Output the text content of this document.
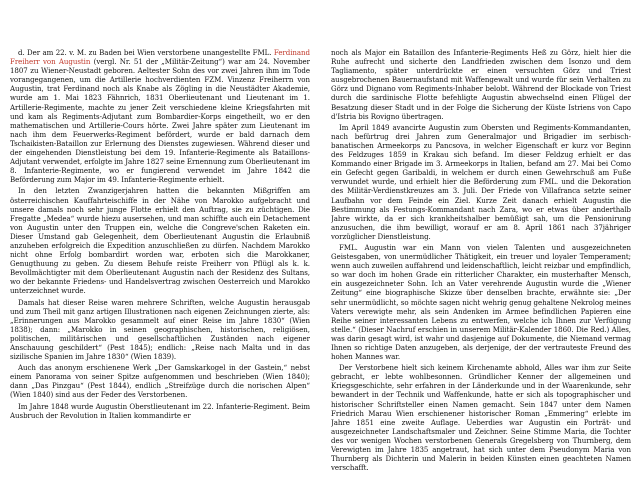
d. Der am 22. v. M. zu Baden bei Wien verstorbene unangestellte FML. Ferdinand Freiherr von Augustin (vergl. Nr. 51 der „Militär-Zeitung“) war am 24. November 1807 zu Wiener-Neustadt geboren. Aeltester Sohn des vor zwei Jahren ihm im Tode vorangegangenen, um die Artillerie hochverdienten FZM. Vinzenz Freiherrn von Augustin, trat Ferdinand noch als Knabe als Zögling in die Neustädter Akademie, wurde am 1. Mai 1823 Fähnrich, 1831 Oberlieutenant und Lieutenant im 1. Artillerie-Regimente, machte zu jener Zeit verschiedene kleine Kriegsfahrten mit und kam als Regiments-Adjutant zum Bombardier-Korps eingetheilt, wo er den mathematischen und Artillerie-Cours hörte. Zwei Jahre später zum Lieutenant im nach ihm dem Feuerwerks-Regiment befördert, wurde er bald darnach dem Tschaikisten-Bataillon zur Erlernung des Dienstes zugewiesen. Während dieser und der eingehenden Dienstleistung bei dem 19. Infanterie-Regimente als Bataillons-Adjutant verwendet, erfolgte im Jahre 1827 seine Ernennung zum Oberlieutenant im 8. Infanterie-Regimente, wo er fungierend verwendet im Jahre 1842 die Beförderung zum Major im 49. Infanterie-Regimente erhielt.

In den letzten Zwanzigerjahren hatten die bekannten Mißgriffen am österreichischen Kauffahrteischiffe in der Nähe von Marokko aufgebracht und unsere damals noch sehr junge Flotte erhielt den Auftrag, sie zu züchtigen. Die Fregatte „Medea“ wurde hiezu ausersehen, und man schiffte auch ein Detachement von Augustin unter den Truppen ein, welche die Congreve'schen Raketen ein. Dieser Umstand gab Gelegenheit, dem Oberlieutenant Augustin die Erlaubniß anzuheben erfolgreich die Expedition anzuschließen zu dürfen. Nachdem Marokko nicht ohne Erfolg bombardirt worden war, erboten sich die Marokkaner, Genugthuung zu geben. Zu diesem Behufe reiste Freiherr von Pflügl als k. k. Bevollmächtigter mit dem Oberlieutenant Augustin nach der Residenz des Sultans, wo der bekannte Friedens- und Handelsvertrag zwischen Oesterreich und Marokko unterzeichnet wurde.

Damals hat dieser Reise waren mehrere Schriften, welche Augustin herausgab und zum Theil mit ganz artigen Illustrationen nach eigenen Zeichnungen zierte, als: „Erinnerungen aus Marokko gesammelt auf einer Reise im Jahre 1830“ (Wien 1838); dann: „Marokko in seinen geographischen, historischen, religiösen, politischen, militärischen und gesellschaftlichen Zuständen nach eigener Anschauung geschildert“ (Pest 1845); endlich: „Reise nach Malta und in das sizilische Spanien im Jahre 1830“ (Wien 1839).

Auch das anonym erschienene Werk „Der Gamskarkogel in der Gastein,“ nebst einem Panorama von seiner Spitze aufgenommen und beschrieben (Wien 1840); dann „Das Pinzgau“ (Pest 1844), endlich „Streifzüge durch die norischen Alpen“ (Wien 1840) sind aus der Feder des Verstorbenen.

Im Jahre 1848 wurde Augustin Oberstlieutenant im 22. Infanterie-Regiment. Beim Ausbruch der Revolution in Italien kommandirte er

noch als Major ein Bataillon des Infanterie-Regiments Heß zu Görz, hielt hier die Ruhe aufrecht und sicherte den Landfrieden zwischen dem Isonzo und dem Tagliamento, später unterdrückte er einen versuchten Görz und Triest ausgebrochenen Bauernaufstand mit Waffengewalt und wurde für sein Verhalten zu Görz und Dignano vom Regiments-Inhaber belobt. Während der Blockade von Triest durch die sardinische Flotte befehligte Augustin abwechselnd einen Flügel der Besatzung dieser Stadt und in der Folge die Sicherung der Küste Istriens von Capo d'Istria bis Rovigno übertragen.

Im April 1849 avancirte Augustin zum Obersten und Regiments-Kommandanten, nach befürtrug drei Jahren zum Generalmajor und Brigadier im serbisch-banatischen Armeekorps zu Pancsova, in welcher Eigenschaft er kurz vor Beginn des Feldzuges 1859 in Krakau sich befand. Im dieser Feldzug erhielt er das Kommando einer Brigade im 3. Armeekorps in Italien, befand am 27. Mai bei Como ein Gefecht gegen Garibaldi, in welchem er durch einen Gewehrschuß am Fuße verwundet wurde, und erhielt hier die Beförderung zum FML. und die Dekoration des Militär-Verdienstkreuzes am 3. Juli. Der Friede von Villafranca setzte seiner Laufbahn vor dem Feinde ein Ziel. Kurze Zeit danach erhielt Augustin die Bestimmung als Festungs-Kommandant nach Zara, wo er etwas über anderthalb Jahre wirkte, da er sich krankheitshalber bemüßigt sah, um die Pensionirung anzusuchen, die ihm bewilligt, worauf er am 8. April 1861 nach 37jähriger vorzüglicher Dienstleistung.

FML. Augustin war ein Mann von vielen Talenten und ausgezeichneten Geistesgaben, von unermüdlicher Thätigkeit, ein treuer und loyaler Temperament; wenn auch zuweilen auffahrend und leidenschaftlich, leicht reizbar und empfindlich, so war doch im hohen Grade ein ritterlicher Charakter, ein musterhafter Mensch, ein ausgezeichneter Sohn. Ich an Vater verehrende Augustin wurde die „Wiener Zeitung“ eine biographische Skizze über denselben brachte, erwähnte sie: „Der sehr unermüdlicht, so möchte sagen nicht wehrig genug gehaltene Nekrolog meines Vaters verewigte mehr, als sein Andenken im Armee befindlichen Papieren eine Reihe seiner interessanten Lebens zu entwerfen, welche ich Ihnen zur Verfügung stelle.“ (Dieser Nachruf erschien in unserem Militär-Kalender 1860. Die Red.) Alles, was darin gesagt wird, ist wahr und dasjenige auf Dokumente, die Niemand vermag Ihnen so richtige Daten anzugeben, als derjenige, der der vertrauteste Freund des hohen Mannes war.

Der Verstorbene hielt sich keinem Kirchenamte abhold, Alles war ihm zur Seite gebracht, er lebte wohlbesonnen. Gründlicher Kenner der allgemeinen und Kriegsgeschichte, sehr erfahren in der Länderkunde und in der Waarenkunde, sehr bewandert in der Technik und Waffenkunde, hatte er sich als topographischer und historischer Schriftsteller einen Namen gemacht. Sein 1847 unter dem Namen Friedrich Marau Wien erschienener historischer Roman „Emmering“ erlebte im Jahre 1851 eine zweite Auflage. Ueberdies war Augustin ein Porträt- und ausgezeichneter Landschaftsmaler und Zeichner. Seine Stimme Maria, die Tochter des vor wenigen Wochen verstorbenen Generals Gregelsberg von Thurnberg, dem Verewigten im Jahre 1835 angetraut, hat sich unter dem Pseudonym Maria von Thurnberg als Dichterin und Malerin in beiden Künsten einen geachteten Namen verschafft.
